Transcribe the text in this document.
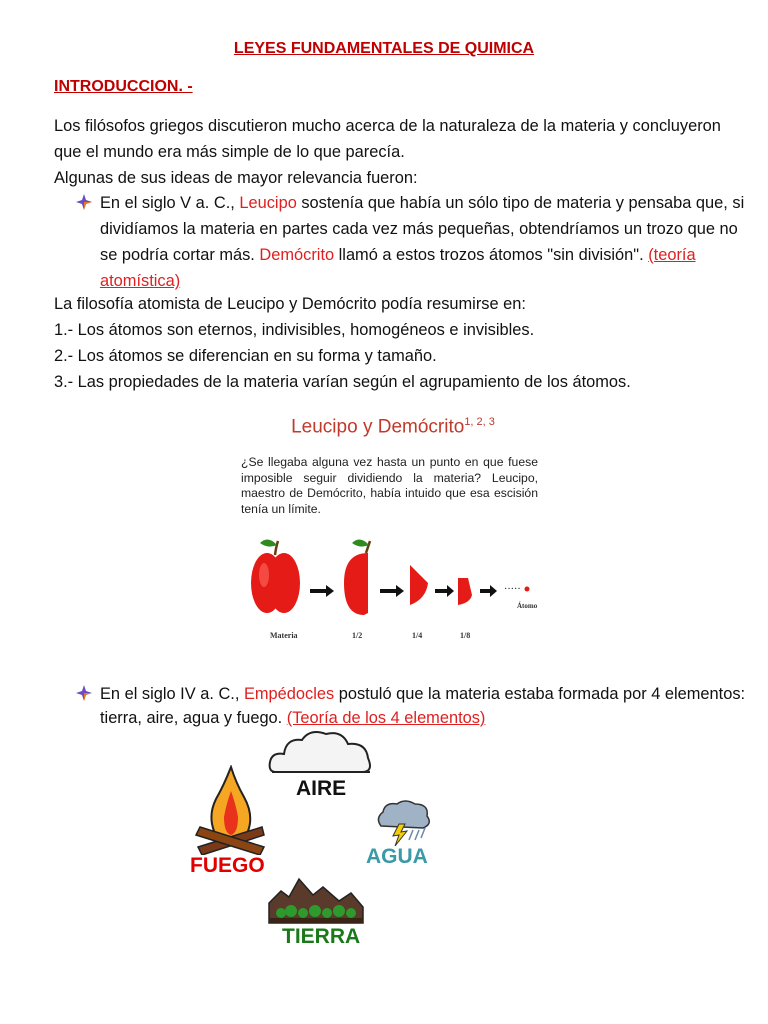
LEYES FUNDAMENTALES DE QUIMICA
INTRODUCCION. -
Los filósofos griegos discutieron mucho acerca de la naturaleza de la materia y concluyeron
que el mundo era más simple de lo que parecía.
Algunas de sus ideas de mayor relevancia fueron:
En el siglo V a. C., Leucipo sostenía que había un sólo tipo de materia y pensaba que, si
dividíamos la materia en partes cada vez más pequeñas, obtendríamos un trozo que no
se podría cortar más. Demócrito llamó a estos trozos átomos "sin división". (teoría
atomística)
La filosofía atomista de Leucipo y Demócrito podía resumirse en:
1.- Los átomos son eternos, indivisibles, homogéneos e invisibles.
2.- Los átomos se diferencian en su forma y tamaño.
3.- Las propiedades de la materia varían según el agrupamiento de los átomos.
Leucipo y Demócrito$^{1, 2, 3}$
¿Se llegaba alguna vez hasta un punto en que fuese imposible seguir dividiendo la materia? Leucipo, maestro de Demócrito, había intuido que esa escisión tenía un límite.
·····
Materia	1/2	1/4	1/8
Átomo
En el siglo IV a. C., Empédocles postuló que la materia estaba formada por 4 elementos:
tierra, aire, agua y fuego. (Teoría de los 4 elementos)
AIRE
AGUA
FUEGO
TIERRA
